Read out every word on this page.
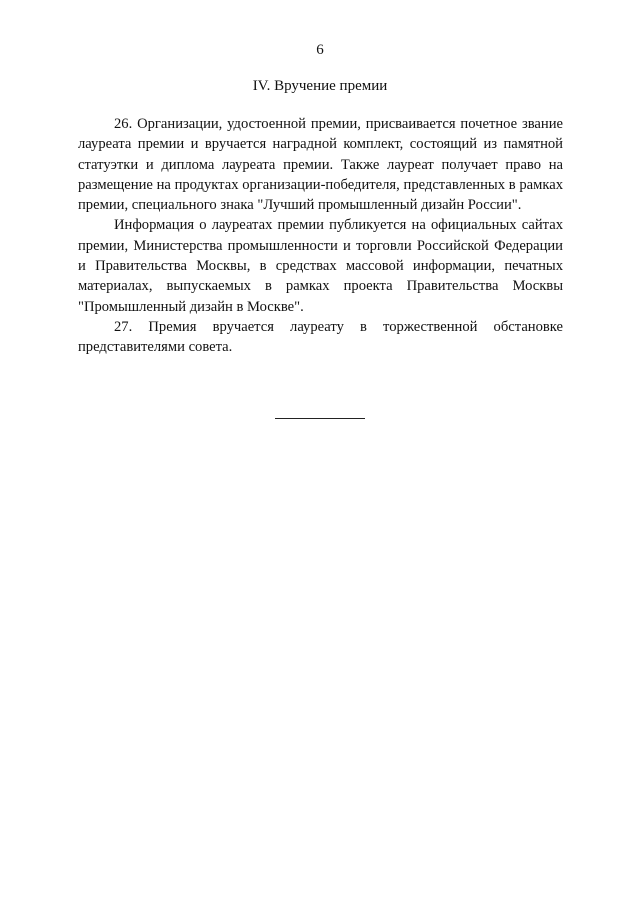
6
IV. Вручение премии

26. Организации, удостоенной премии, присваивается почетное звание лауреата премии и вручается наградной комплект, состоящий из памятной статуэтки и диплома лауреата премии. Также лауреат получает право на размещение на продуктах организации-победителя, представленных в рамках премии, специального знака "Лучший промышленный дизайн России".

Информация о лауреатах премии публикуется на официальных сайтах премии, Министерства промышленности и торговли Российской Федерации и Правительства Москвы, в средствах массовой информации, печатных материалах, выпускаемых в рамках проекта Правительства Москвы "Промышленный дизайн в Москве".

27. Премия вручается лауреату в торжественной обстановке представителями совета.
